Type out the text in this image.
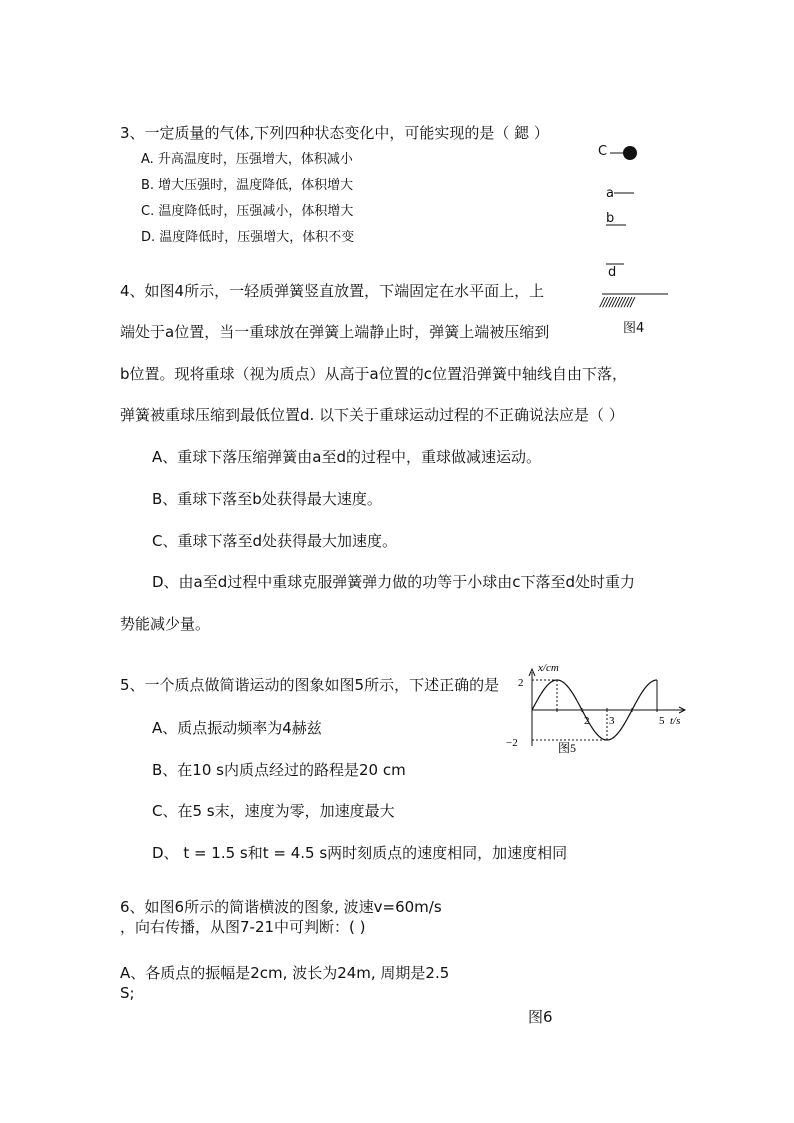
3、一定质量的气体,下列四种状态变化中，可能实现的是（ 鍶 ）
A. 升高温度时，压强增大，体积减小
B. 增大压强时，温度降低，体积增大
C. 温度降低时，压强减小，体积增大
D. 温度降低时，压强增大，体积不变
C
a
b
d
///////////
图4
4、如图4所示，一轻质弹簧竖直放置，下端固定在水平面上，上
端处于a位置，当一重球放在弹簧上端静止时，弹簧上端被压缩到
b位置。现将重球（视为质点）从高于a位置的c位置沿弹簧中轴线自由下落，
弹簧被重球压缩到最低位置d. 以下关于重球运动过程的不正确说法应是（ ）
A、重球下落压缩弹簧由a至d的过程中，重球做减速运动。
B、重球下落至b处获得最大速度。
C、重球下落至d处获得最大加速度。
D、由a至d过程中重球克服弹簧弹力做的功等于小球由c下落至d处时重力
势能减少量。
5、一个质点做简谐运动的图象如图5所示，下述正确的是
A、质点振动频率为4赫兹
B、在10 s内质点经过的路程是20 cm
C、在5 s末，速度为零，加速度最大
D、 t = 1.5 s和t = 4.5 s两时刻质点的速度相同，加速度相同
x/cm
t/s
2
−2
2 3	5
图5
6、如图6所示的简谐横波的图象, 波速v=60m/s
，向右传播，从图7-21中可判断：( )
A、各质点的振幅是2cm, 波长为24m, 周期是2.5
S;
图6
